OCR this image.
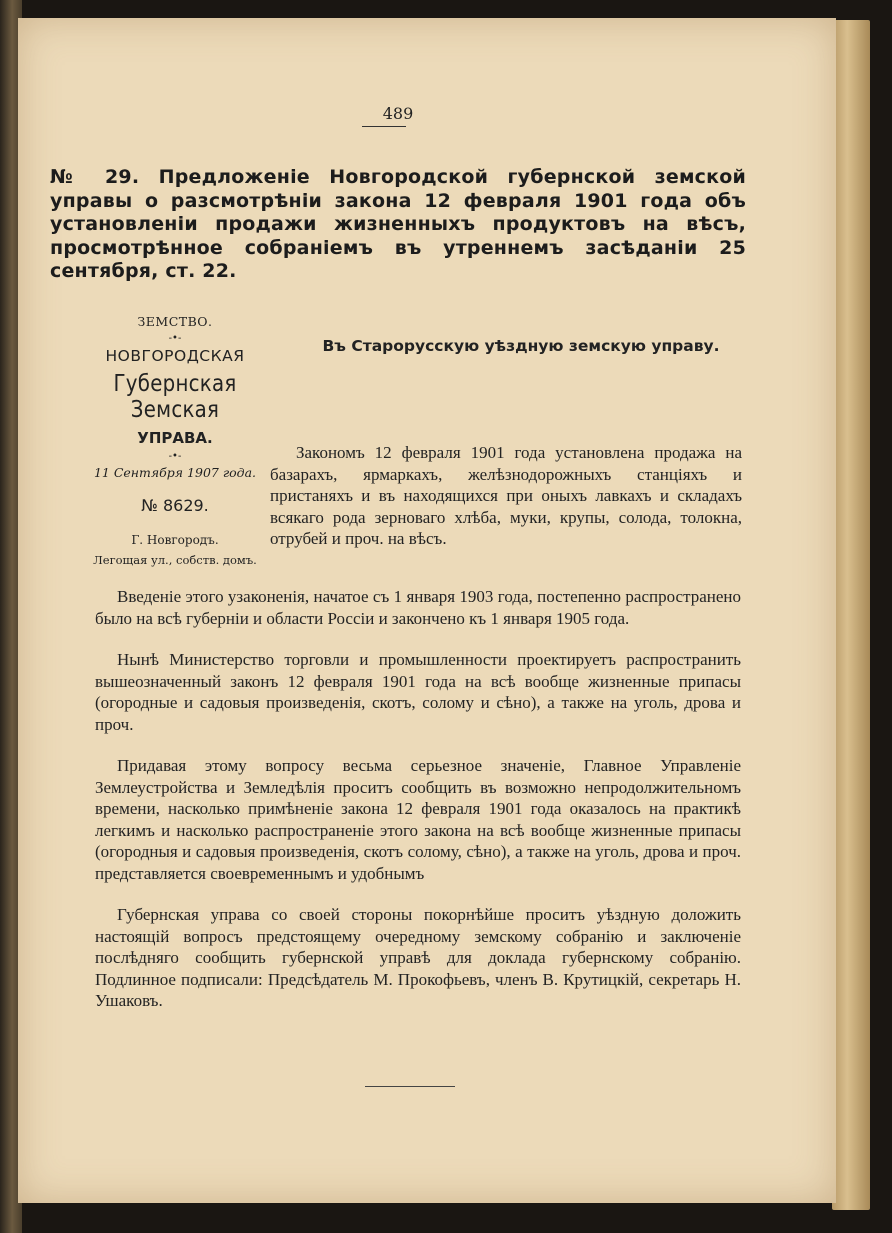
489
№ 29. Предложенiе Новгородской губернской земской управы о разсмотрѣнiи закона 12 февраля 1901 года объ установленiи продажи жизненныхъ продуктовъ на вѣсъ, просмотрѣнное собранiемъ въ утреннемъ засѣданiи 25 сентября, ст. 22.
ЗЕМСТВО.
-•-
НОВГОРОДСКАЯ
Губернская Земская
УПРАВА.
-•-
11 Сентября 1907 года.
№ 8629.
Г. Новгородъ.
Легощая ул., собств. домъ.
Въ Старорусскую уѣздную земскую управу.
Закономъ 12 февраля 1901 года установлена продажа на базарахъ, ярмаркахъ, желѣзнодорожныхъ станцiяхъ и пристаняхъ и въ находящихся при оныхъ лавкахъ и складахъ всякаго рода зерноваго хлѣба, муки, крупы, солода, толокна, отрубей и проч. на вѣсъ.

Введенiе этого узаконенiя, начатое съ 1 января 1903 года, постепенно распространено было на всѣ губернiи и области Россiи и закончено къ 1 января 1905 года.

Нынѣ Министерство торговли и промышленности проектируетъ распространить вышеозначенный законъ 12 февраля 1901 года на всѣ вообще жизненные припасы (огородные и садовыя произведенiя, скотъ, солому и сѣно), а также на уголь, дрова и проч.

Придавая этому вопросу весьма серьезное значенiе, Главное Управленiе Землеустройства и Земледѣлiя проситъ сообщить въ возможно непродолжительномъ времени, насколько примѣненiе закона 12 февраля 1901 года оказалось на практикѣ легкимъ и насколько распространенiе этого закона на всѣ вообще жизненные припасы (огородныя и садовыя произведенiя, скотъ солому, сѣно), а также на уголь, дрова и проч. представляется своевременнымъ и удобнымъ

Губернская управа со своей стороны покорнѣйше проситъ уѣздную доложить настоящiй вопросъ предстоящему очередному земскому собранiю и заключенiе послѣдняго сообщить губернской управѣ для доклада губернскому собранiю. Подлинное подписали: Предсѣдатель М. Прокофьевъ, членъ В. Крутицкiй, секретарь Н. Ушаковъ.
